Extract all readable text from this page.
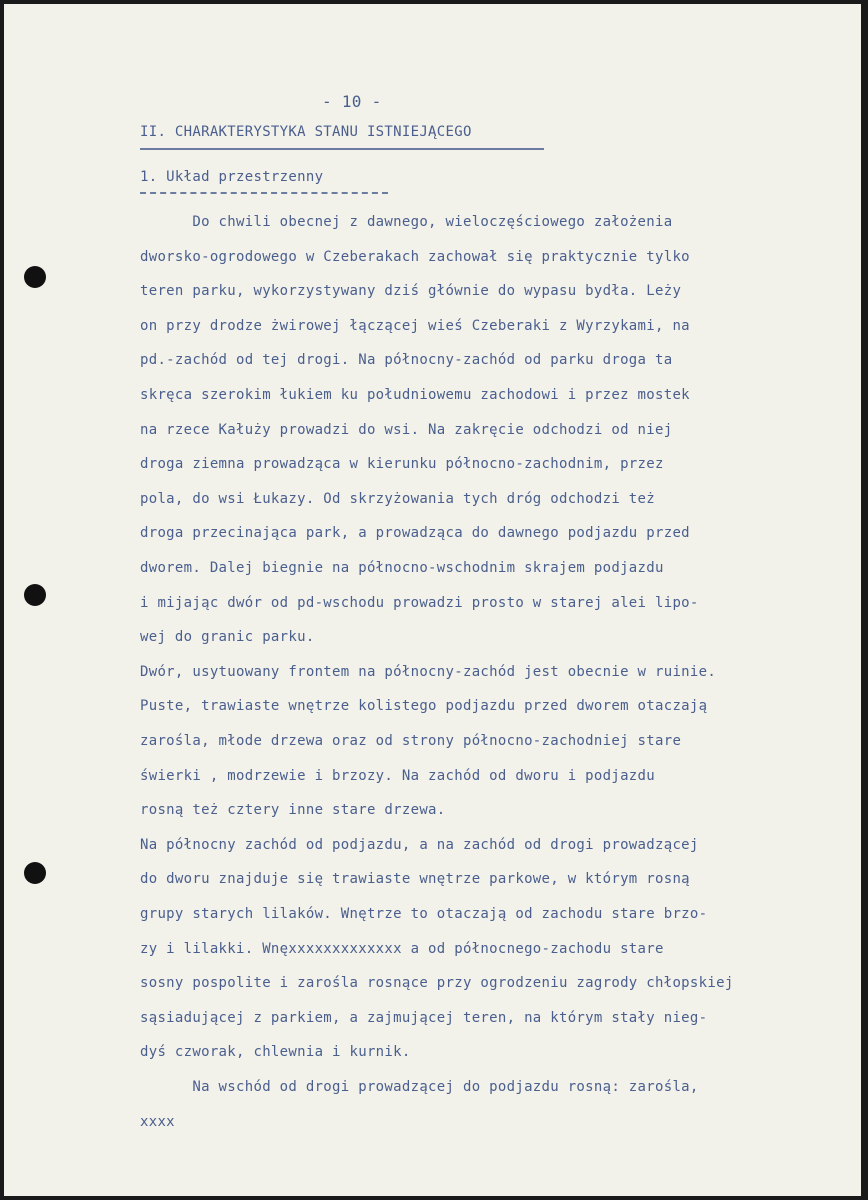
- 10 -
II. CHARAKTERYSTYKA STANU ISTNIEJĄCEGO
1. Układ przestrzenny
Do chwili obecnej z dawnego, wieloczęściowego założenia
dworsko-ogrodowego w Czeberakach zachował się praktycznie tylko
teren parku, wykorzystywany dziś głównie do wypasu bydła. Leży
on przy drodze żwirowej łączącej wieś Czeberaki z Wyrzykami, na
pd.-zachód od tej drogi. Na północny-zachód od parku droga ta
skręca szerokim łukiem ku południowemu zachodowi i przez mostek
na rzece Kałuży prowadzi do wsi. Na zakręcie odchodzi od niej
droga ziemna prowadząca w kierunku północno-zachodnim, przez
pola, do wsi Łukazy. Od skrzyżowania tych dróg odchodzi też
droga przecinająca park, a prowadząca do dawnego podjazdu przed
dworem. Dalej biegnie na północno-wschodnim skrajem podjazdu
i mijając dwór od pd-wschodu prowadzi prosto w starej alei lipo-
wej do granic parku.
Dwór, usytuowany frontem na północny-zachód jest obecnie w ruinie.
Puste, trawiaste wnętrze kolistego podjazdu przed dworem otaczają
zarośla, młode drzewa oraz od strony północno-zachodniej stare
świerki , modrzewie i brzozy. Na zachód od dworu i podjazdu
rosną też cztery inne stare drzewa.
Na północny zachód od podjazdu, a na zachód od drogi prowadzącej
do dworu znajduje się trawiaste wnętrze parkowe, w którym rosną
grupy starych lilaków. Wnętrze to otaczają od zachodu stare brzo-
zy i lilakki. Wnęxxxxxxxxxxxxx a od północnego-zachodu stare
sosny pospolite i zarośla rosnące przy ogrodzeniu zagrody chłopskiej
sąsiadującej z parkiem, a zajmującej teren, na którym stały nieg-
dyś czworak, chlewnia i kurnik.
Na wschód od drogi prowadzącej do podjazdu rosną: zarośla,
xxxx
